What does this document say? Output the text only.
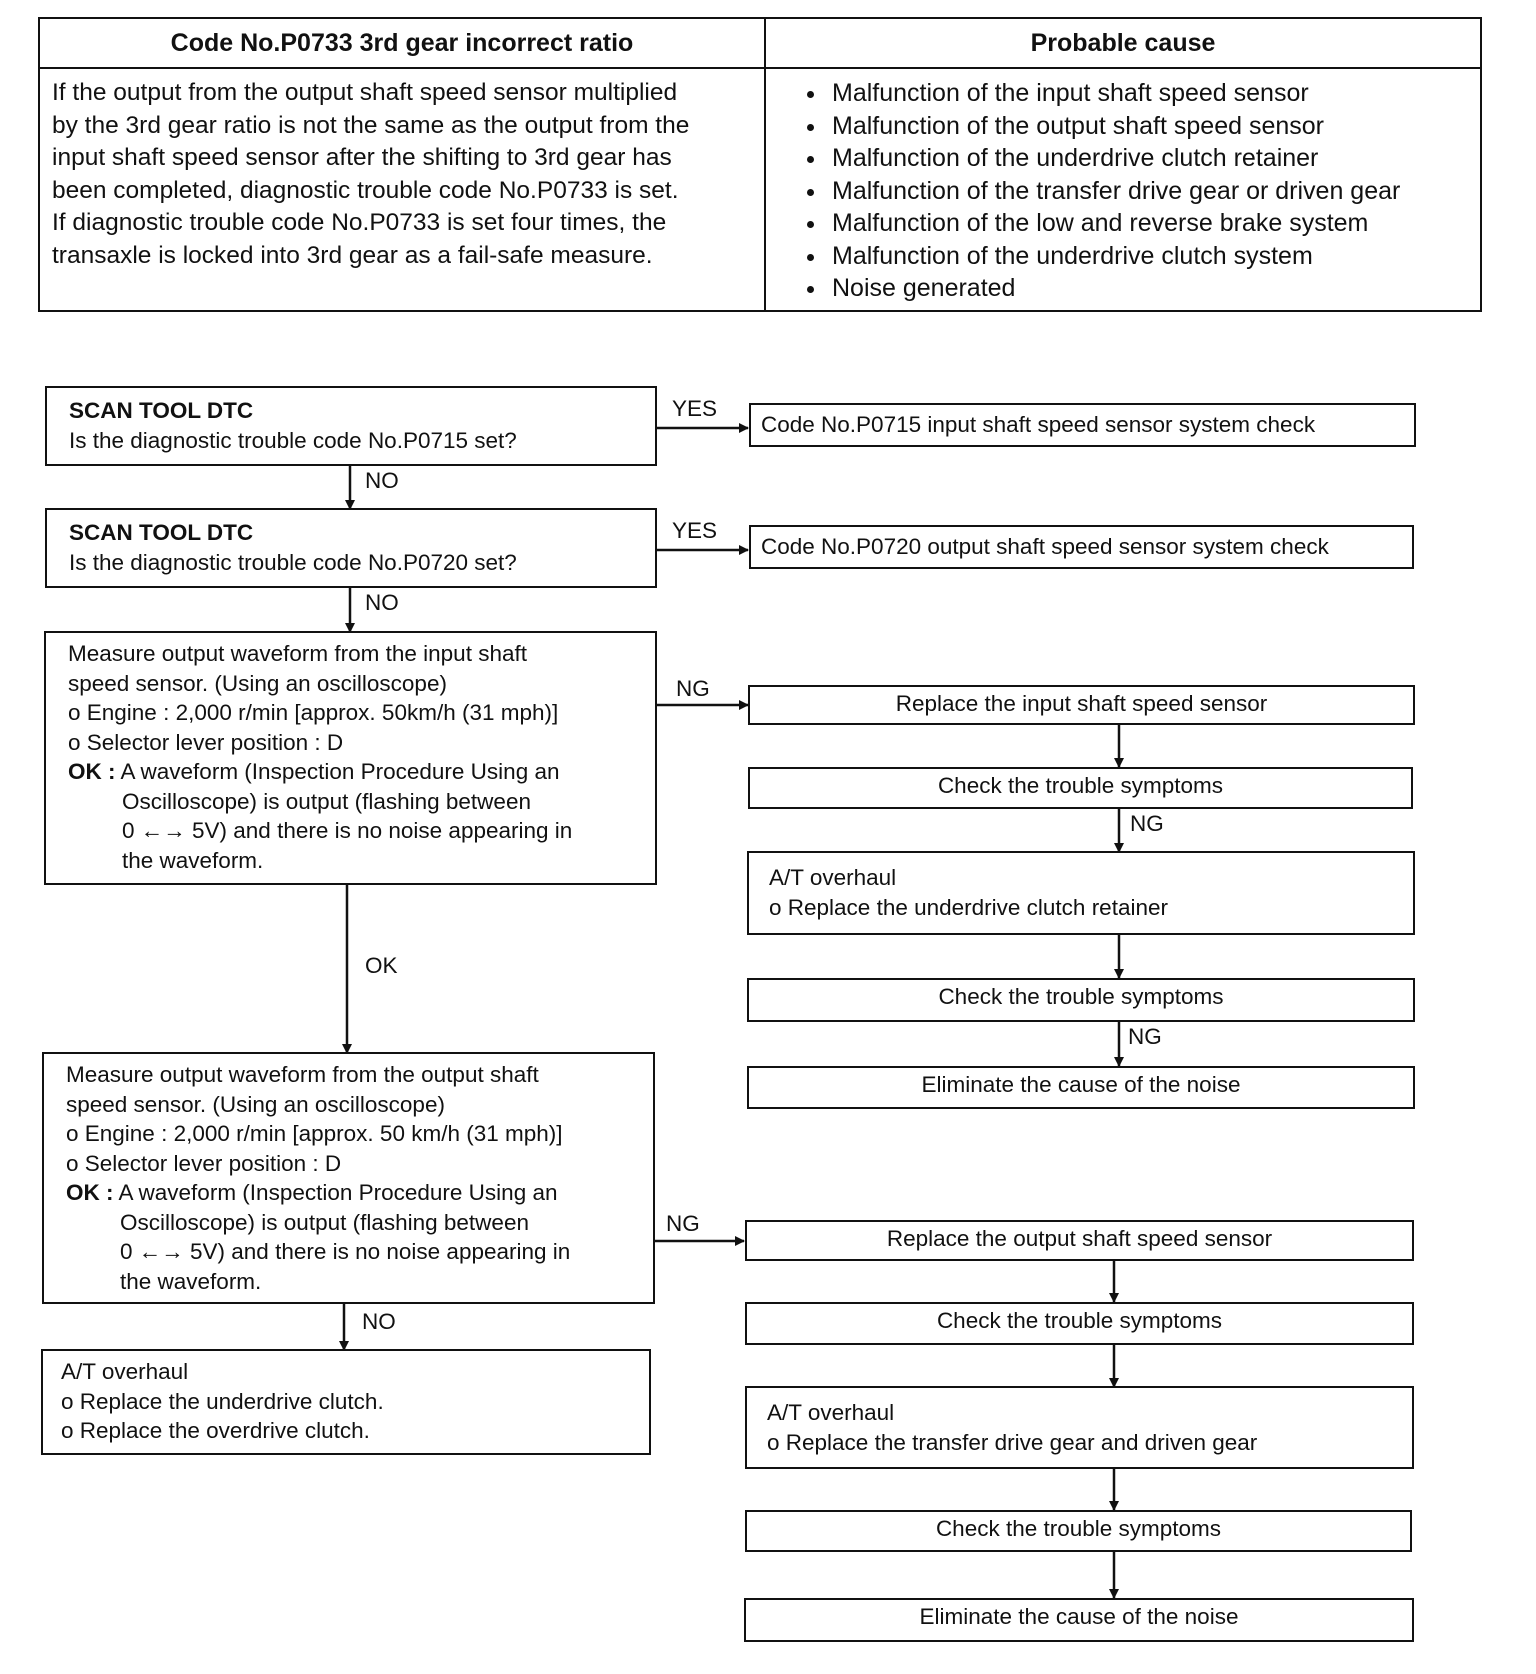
Code No.P0733 3rd gear incorrect ratio	Probable cause
If the output from the output shaft speed sensor multiplied
by the 3rd gear ratio is not the same as the output from the
input shaft speed sensor after the shifting to 3rd gear has
been completed, diagnostic trouble code No.P0733 is set.
If diagnostic trouble code No.P0733 is set four times, the
transaxle is locked into 3rd gear as a fail-safe measure.
• Malfunction of the input shaft speed sensor
• Malfunction of the output shaft speed sensor
• Malfunction of the underdrive clutch retainer
• Malfunction of the transfer drive gear or driven gear
• Malfunction of the low and reverse brake system
• Malfunction of the underdrive clutch system
• Noise generated
YES
YES
NO
NO
OK
NO
NG
NG
NG
NG
SCAN TOOL DTC
Is the diagnostic trouble code No.P0715 set?
SCAN TOOL DTC
Is the diagnostic trouble code No.P0720 set?
Measure output waveform from the input shaft
speed sensor. (Using an oscilloscope)
o Engine : 2,000 r/min [approx. 50km/h (31 mph)]
o Selector lever position : D
OK : A waveform (Inspection Procedure Using an
Oscilloscope) is output (flashing between
0 ←→ 5V) and there is no noise appearing in
the waveform.
Measure output waveform from the output shaft
speed sensor. (Using an oscilloscope)
o Engine : 2,000 r/min [approx. 50 km/h (31 mph)]
o Selector lever position : D
OK : A waveform (Inspection Procedure Using an
Oscilloscope) is output (flashing between
0 ←→ 5V) and there is no noise appearing in
the waveform.
A/T overhaul
o Replace the underdrive clutch.
o Replace the overdrive clutch.
Code No.P0715 input shaft speed sensor system check
Code No.P0720 output shaft speed sensor system check
Replace the input shaft speed sensor
Check the trouble symptoms
A/T overhaul
o Replace the underdrive clutch retainer
Check the trouble symptoms
Eliminate the cause of the noise
Replace the output shaft speed sensor
Check the trouble symptoms
A/T overhaul
o Replace the transfer drive gear and driven gear
Check the trouble symptoms
Eliminate the cause of the noise
